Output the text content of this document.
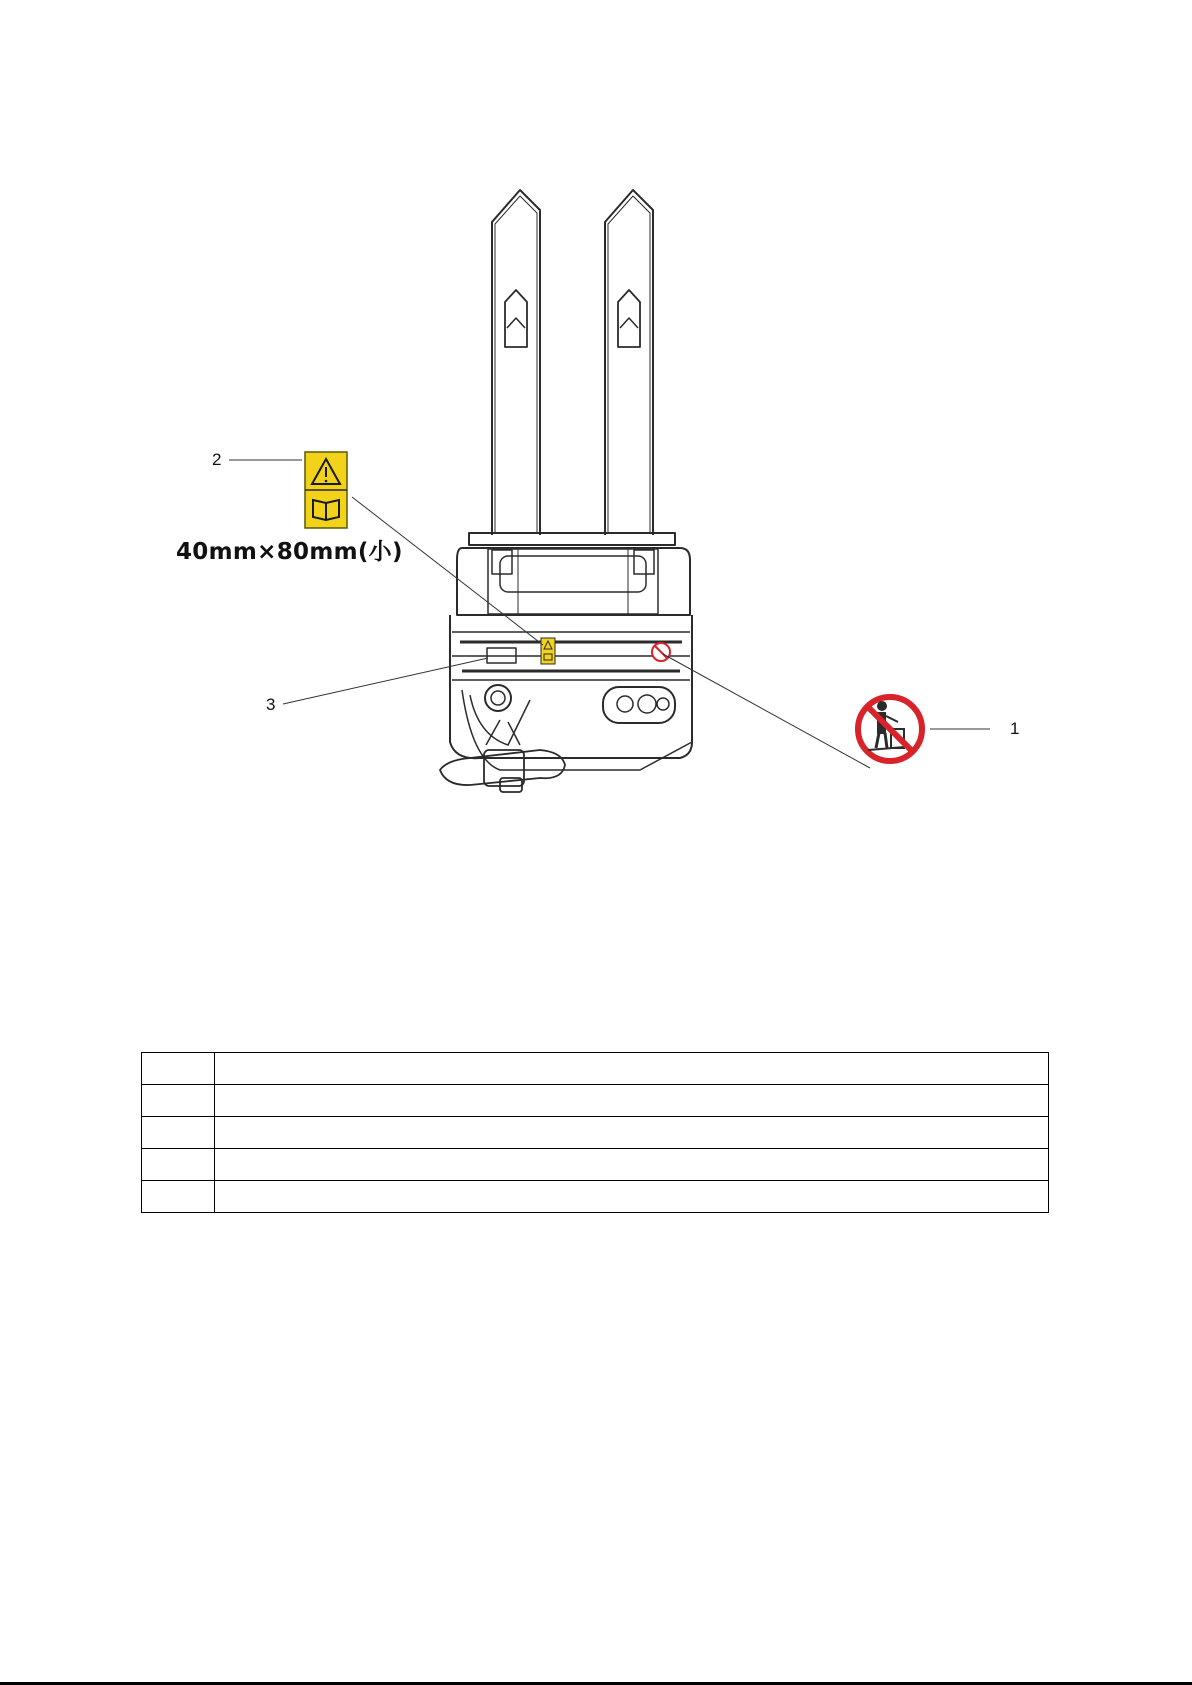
2
1
3
40mm×80mm(小)
